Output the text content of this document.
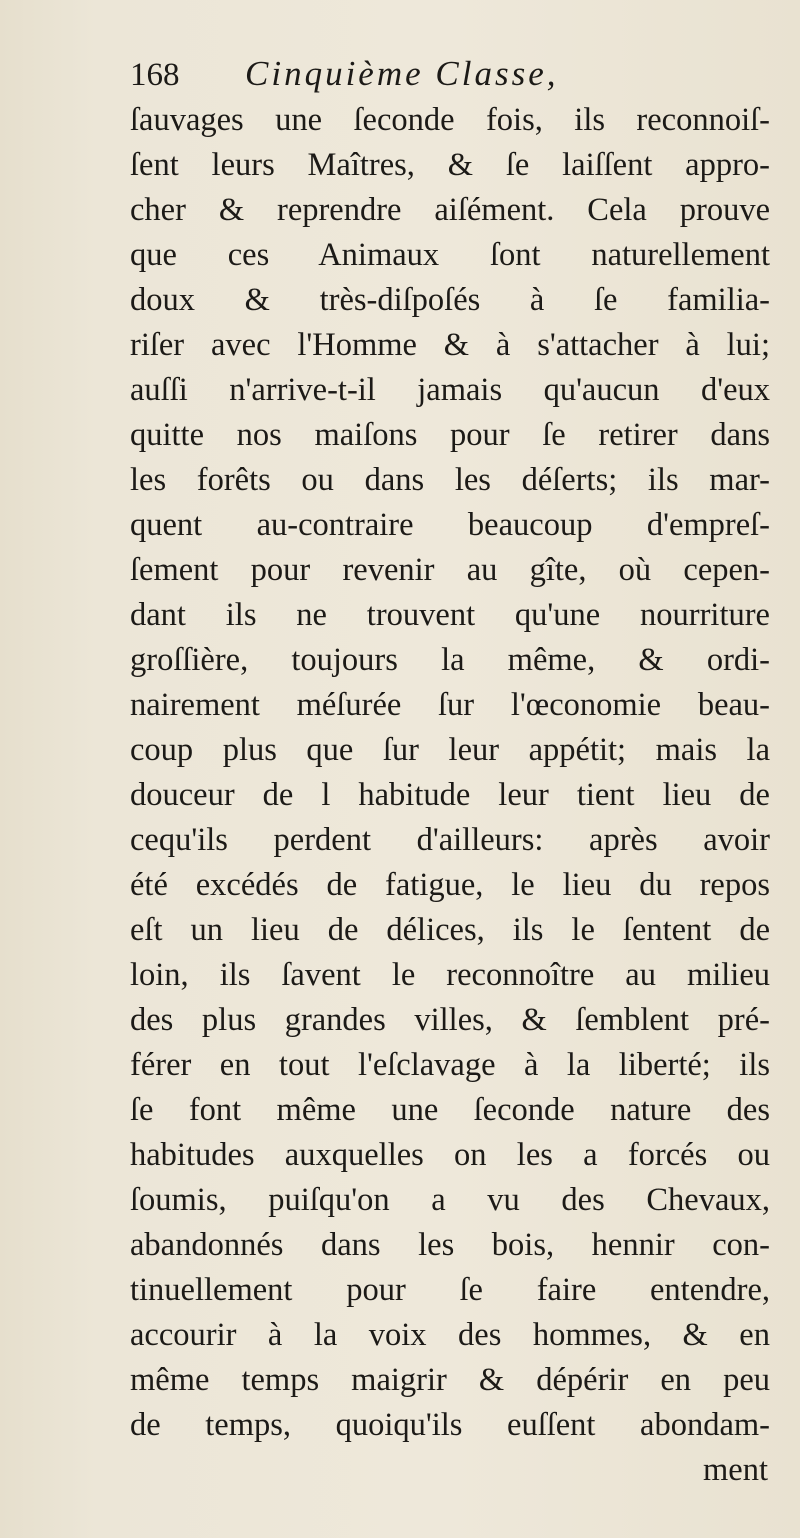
168	Cinquième Classe,
ſauvages une ſeconde fois, ils reconnoiſ-
ſent leurs Maîtres, & ſe laiſſent appro-
cher & reprendre aiſément. Cela prouve
que ces Animaux ſont naturellement
doux & très-diſpoſés à ſe familia-
riſer avec l'Homme & à s'attacher à lui;
auſſi n'arrive-t-il jamais qu'aucun d'eux
quitte nos maiſons pour ſe retirer dans
les forêts ou dans les déſerts; ils mar-
quent au-contraire beaucoup d'empreſ-
ſement pour revenir au gîte, où cepen-
dant ils ne trouvent qu'une nourriture
groſſière, toujours la même, & ordi-
nairement méſurée ſur l'œconomie beau-
coup plus que ſur leur appétit; mais la
douceur de l habitude leur tient lieu de
cequ'ils perdent d'ailleurs: après avoir
été excédés de fatigue, le lieu du repos
eſt un lieu de délices, ils le ſentent de
loin, ils ſavent le reconnoître au milieu
des plus grandes villes, & ſemblent pré-
férer en tout l'eſclavage à la liberté; ils
ſe font même une ſeconde nature des
habitudes auxquelles on les a forcés ou
ſoumis, puiſqu'on a vu des Chevaux,
abandonnés dans les bois, hennir con-
tinuellement pour ſe faire entendre,
accourir à la voix des hommes, & en
même temps maigrir & dépérir en peu
de temps, quoiqu'ils euſſent abondam-
ment
